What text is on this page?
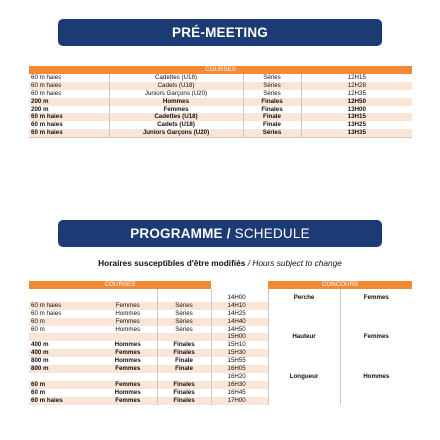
PRÉ-MEETING
COURSES			
60 m haies	Cadettes (U18)	Séries	12H15
60 m haies	Cadets (U18)	Séries	12H28
60 m haies	Juniors Garçons (U20)	Séries	12H35
200 m	Hommes	Finales	12H50
200 m	Femmes	Finales	13H00
60 m haies	Cadettes (U18)	Finale	13H15
60 m haies	Cadets (U18)	Finale	13H25
60 m haies	Juniors Garçons (U20)	Séries	13H35
PROGRAMME / SCHEDULE
Horaires susceptibles d'être modifiés / Hours subject to change
COURSES				CONCOURS	

			14H00	Perche	Femmes
60 m haies	Femmes	Séries	14H10		
60 m haies	Hommes	Séries	14H25		
60 m	Femmes	Séries	14H40		
60 m	Hommes	Séries	14H50		
			15H00	Hauteur	Femmes
400 m	Hommes	Finales	15H10		
400 m	Femmes	Finales	15H30		
800 m	Hommes	Finale	15H55		
800 m	Femmes	Finale	16H05		
			16H20	Longueur	Hommes
60 m	Femmes	Finales	16H30		
60 m	Hommes	Finales	16H45		
60 m haies	Femmes	Finales	17H00		
